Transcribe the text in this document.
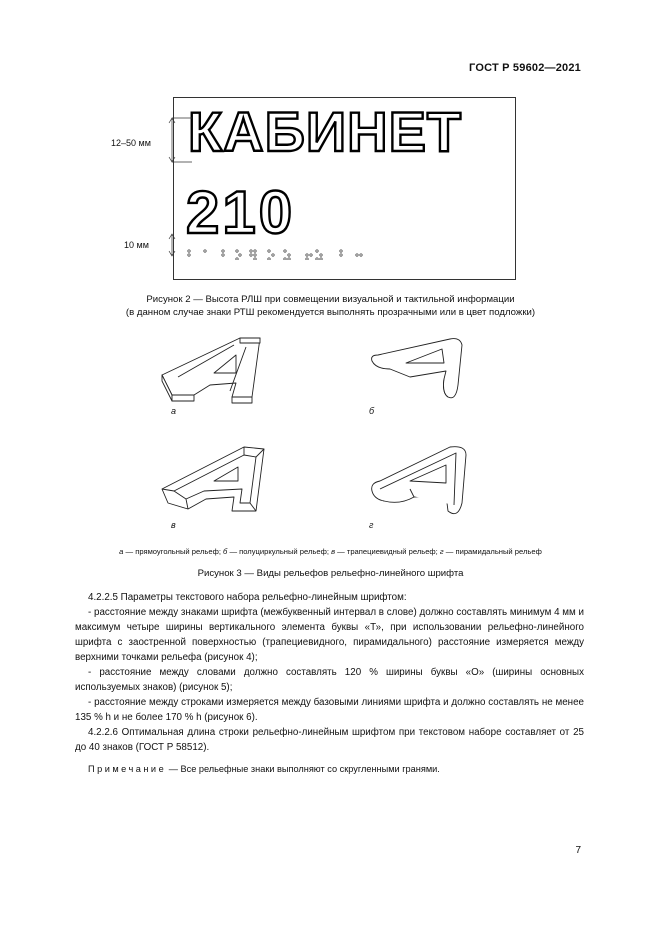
ГОСТ Р 59602—2021
КАБИНЕТ
210
12–50 мм
10 мм
Рисунок 2 — Высота РЛШ при совмещении визуальной и тактильной информации
(в данном случае знаки РТШ рекомендуется выполнять прозрачными или в цвет подложки)
а	б
в	г
а — прямоугольный рельеф; б — полуциркульный рельеф; в — трапециевидный рельеф; г — пирамидальный рельеф
Рисунок 3 — Виды рельефов рельефно-линейного шрифта

4.2.2.5 Параметры текстового набора рельефно-линейным шрифтом:

- расстояние между знаками шрифта (межбуквенный интервал в слове) должно составлять минимум 4 мм и максимум четыре ширины вертикального элемента буквы «Т», при использовании рельефно-линейного шрифта с заостренной поверхностью (трапециевидного, пирамидального) расстояние измеряется между верхними точками рельефа (рисунок 4);

- расстояние между словами должно составлять 120 % ширины буквы «О» (ширины основных используемых знаков) (рисунок 5);

- расстояние между строками измеряется между базовыми линиями шрифта и должно составлять не менее 135 % h и не более 170 % h (рисунок 6).

4.2.2.6 Оптимальная длина строки рельефно-линейным шрифтом при текстовом наборе составляет от 25 до 40 знаков (ГОСТ Р 58512).

Примечание — Все рельефные знаки выполняют со скругленными гранями.

7
